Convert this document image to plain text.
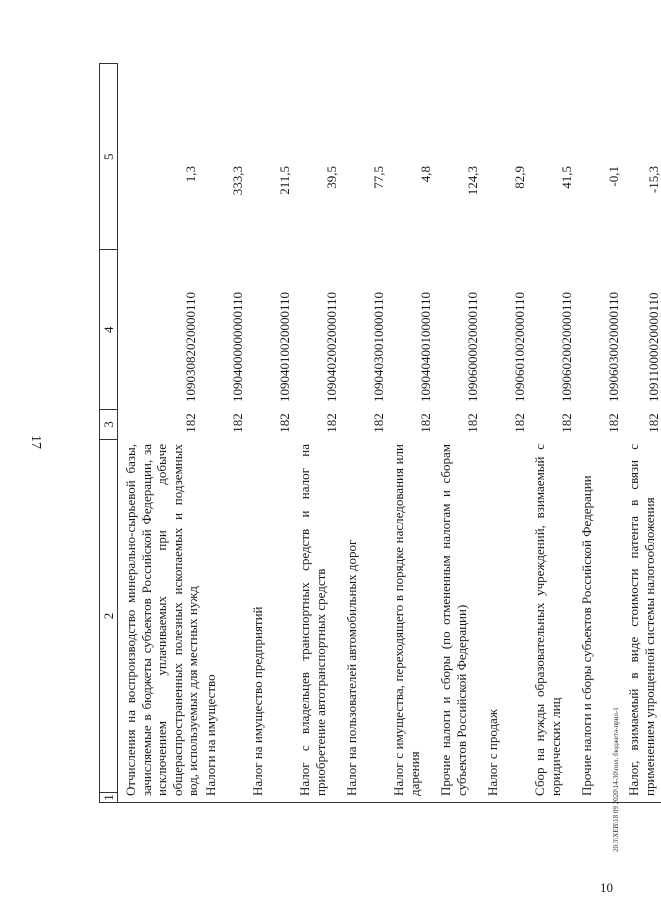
17
10
20.3\XEB\18 09 2020\14-30\пол. бюджета-прил-1
1
2
3
4
5
Отчисления на воспроизводство минерально-сырьевой базы, зачисляемые в бюджеты субъектов Российской Федерации, за исключением уплачиваемых при добыче общераспространенных полезных ископаемых и подземных вод, используемых для местных нужд
182
10903082020000110
1,3
Налоги на имущество
182
10904000000000110
333,3
Налог на имущество предприятий
182
10904010020000110
211,5
Налог с владельцев транспортных средств и налог на приобретение автотранспортных средств
182
10904020020000110
39,5
Налог на пользователей автомобильных дорог
182
10904030010000110
77,5
Налог с имущества, переходящего в порядке наследования или дарения
182
10904040010000110
4,8
Прочие налоги и сборы (по отмененным налогам и сборам субъектов Российской Федерации)
182
10906000020000110
124,3
Налог с продаж
182
10906010020000110
82,9
Сбор на нужды образовательных учреждений, взимаемый с юридических лиц
182
10906020020000110
41,5
Прочие налоги и сборы субъектов Российской Федерации
182
10906030020000110
-0,1
Налог, взимаемый в виде стоимости патента в связи с применением упрощенной системы налогообложения
182
10911000020000110
-15,3
